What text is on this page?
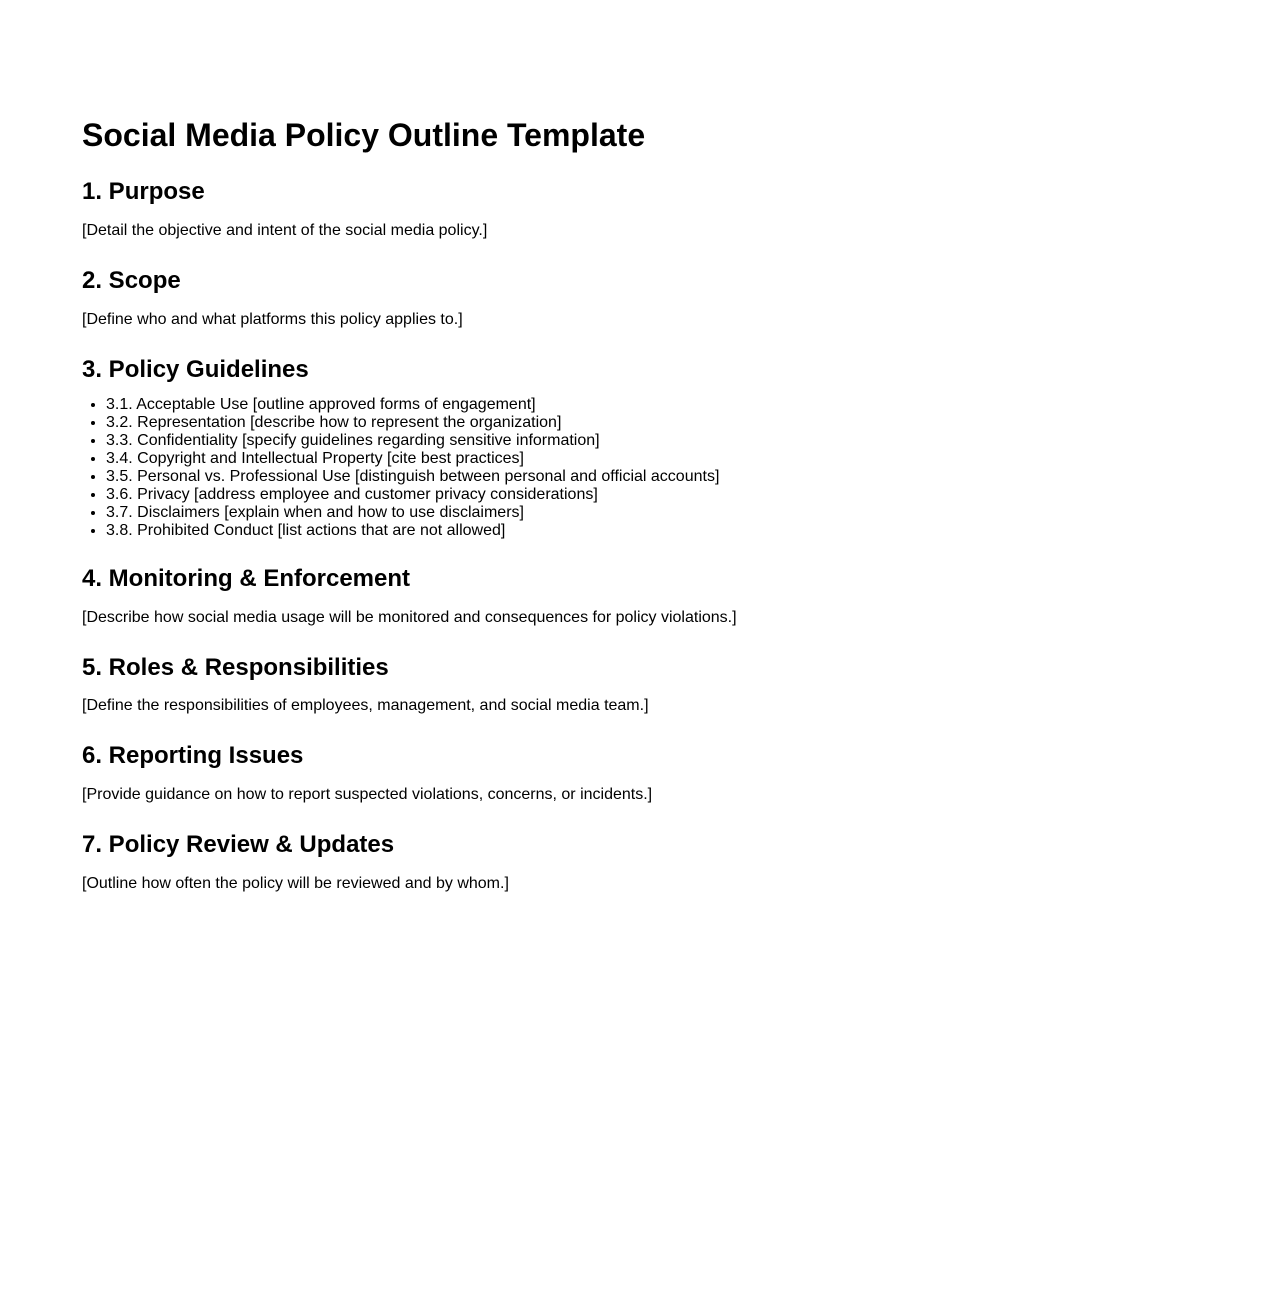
Social Media Policy Outline Template
1. Purpose

[Detail the objective and intent of the social media policy.]

2. Scope

[Define who and what platforms this policy applies to.]

3. Policy Guidelines
• 3.1. Acceptable Use [outline approved forms of engagement]
• 3.2. Representation [describe how to represent the organization]
• 3.3. Confidentiality [specify guidelines regarding sensitive information]
• 3.4. Copyright and Intellectual Property [cite best practices]
• 3.5. Personal vs. Professional Use [distinguish between personal and official accounts]
• 3.6. Privacy [address employee and customer privacy considerations]
• 3.7. Disclaimers [explain when and how to use disclaimers]
• 3.8. Prohibited Conduct [list actions that are not allowed]
4. Monitoring & Enforcement

[Describe how social media usage will be monitored and consequences for policy violations.]

5. Roles & Responsibilities

[Define the responsibilities of employees, management, and social media team.]

6. Reporting Issues

[Provide guidance on how to report suspected violations, concerns, or incidents.]

7. Policy Review & Updates

[Outline how often the policy will be reviewed and by whom.]
